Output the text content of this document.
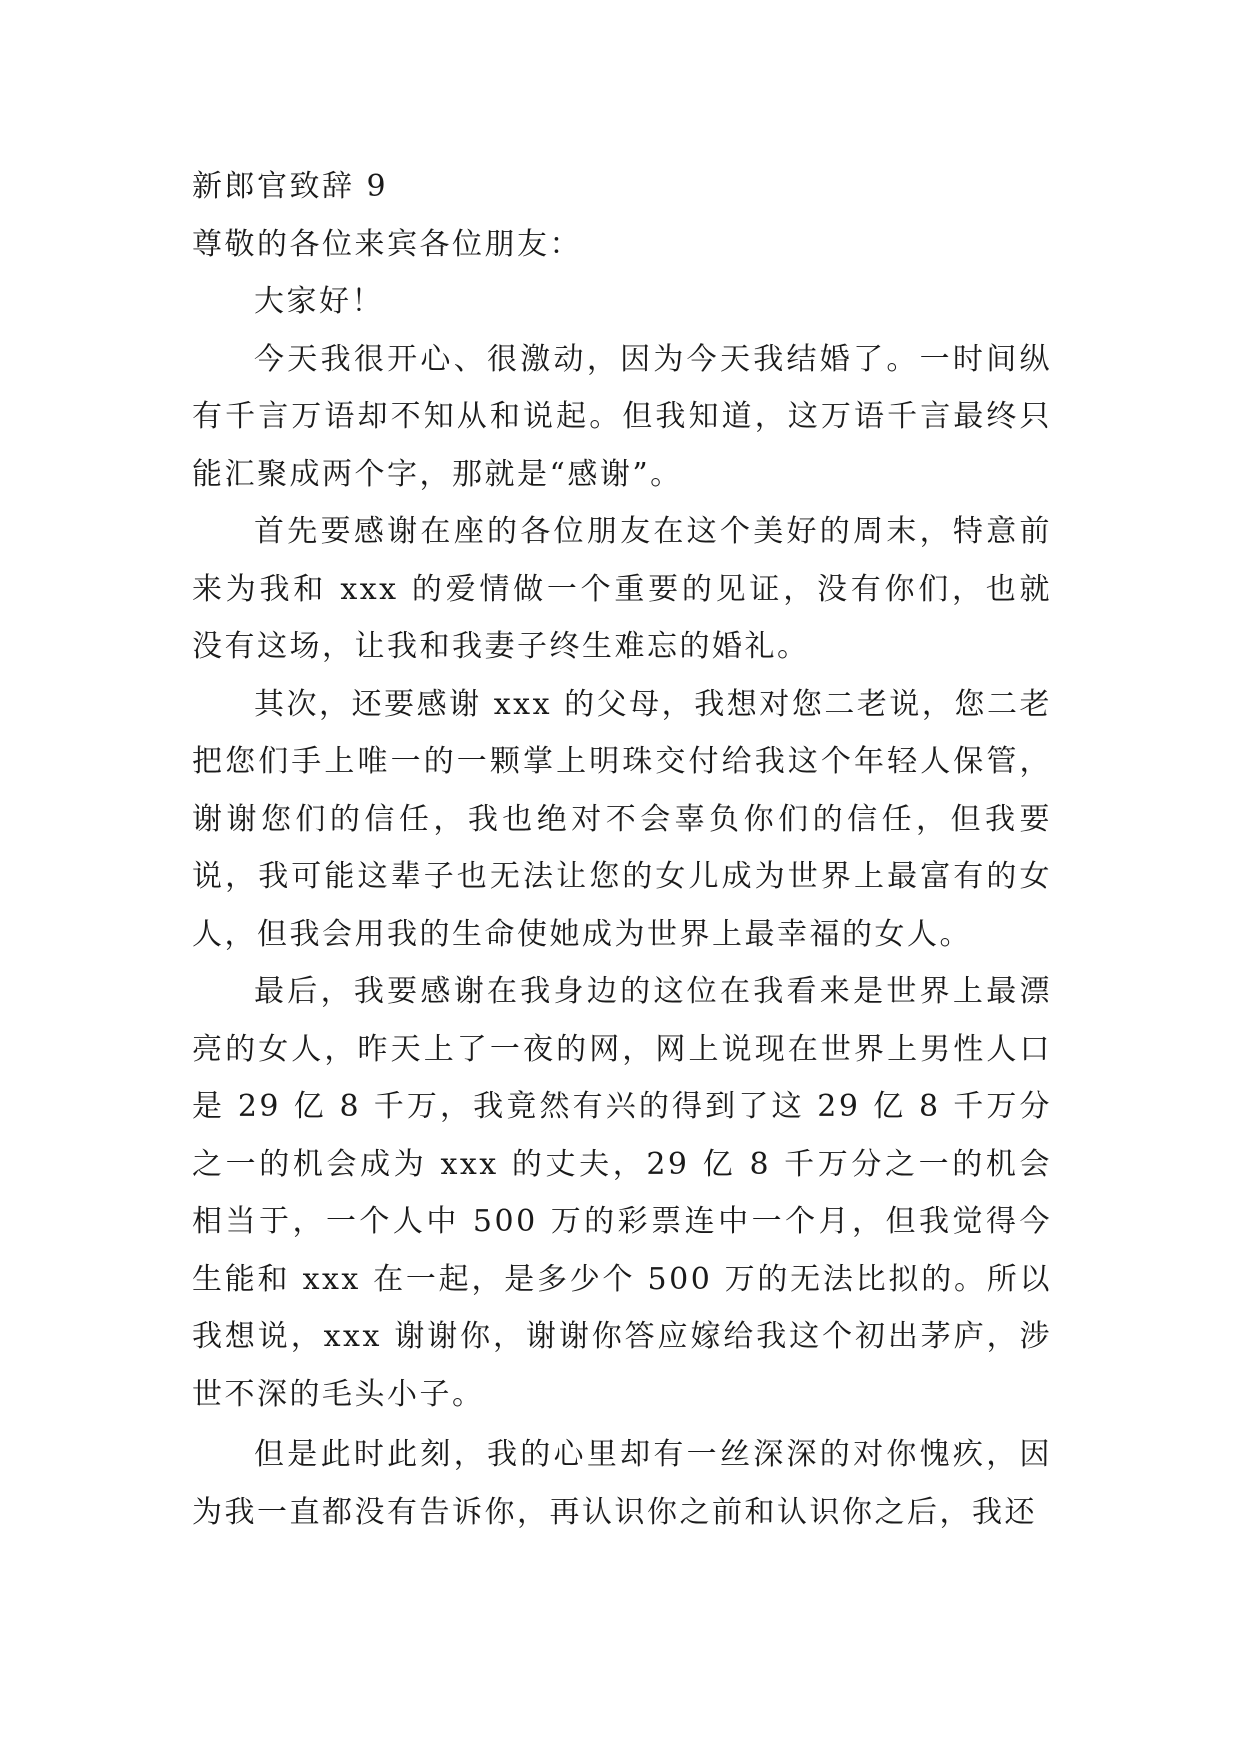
新郎官致辞 9
尊敬的各位来宾各位朋友：

大家好！

今天我很开心、很激动，因为今天我结婚了。一时间纵有千言万语却不知从和说起。但我知道，这万语千言最终只能汇聚成两个字，那就是“感谢”。

首先要感谢在座的各位朋友在这个美好的周末，特意前来为我和 xxx 的爱情做一个重要的见证，没有你们，也就没有这场，让我和我妻子终生难忘的婚礼。

其次，还要感谢 xxx 的父母，我想对您二老说，您二老把您们手上唯一的一颗掌上明珠交付给我这个年轻人保管，谢谢您们的信任，我也绝对不会辜负你们的信任，但我要说，我可能这辈子也无法让您的女儿成为世界上最富有的女人，但我会用我的生命使她成为世界上最幸福的女人。

最后，我要感谢在我身边的这位在我看来是世界上最漂亮的女人，昨天上了一夜的网，网上说现在世界上男性人口是 29 亿 8 千万，我竟然有兴的得到了这 29 亿 8 千万分之一的机会成为 xxx 的丈夫，29 亿 8 千万分之一的机会相当于，一个人中 500 万的彩票连中一个月，但我觉得今生能和 xxx 在一起，是多少个 500 万的无法比拟的。所以我想说，xxx 谢谢你，谢谢你答应嫁给我这个初出茅庐，涉世不深的毛头小子。

但是此时此刻，我的心里却有一丝深深的对你愧疚，因为我一直都没有告诉你，再认识你之前和认识你之后，我还
